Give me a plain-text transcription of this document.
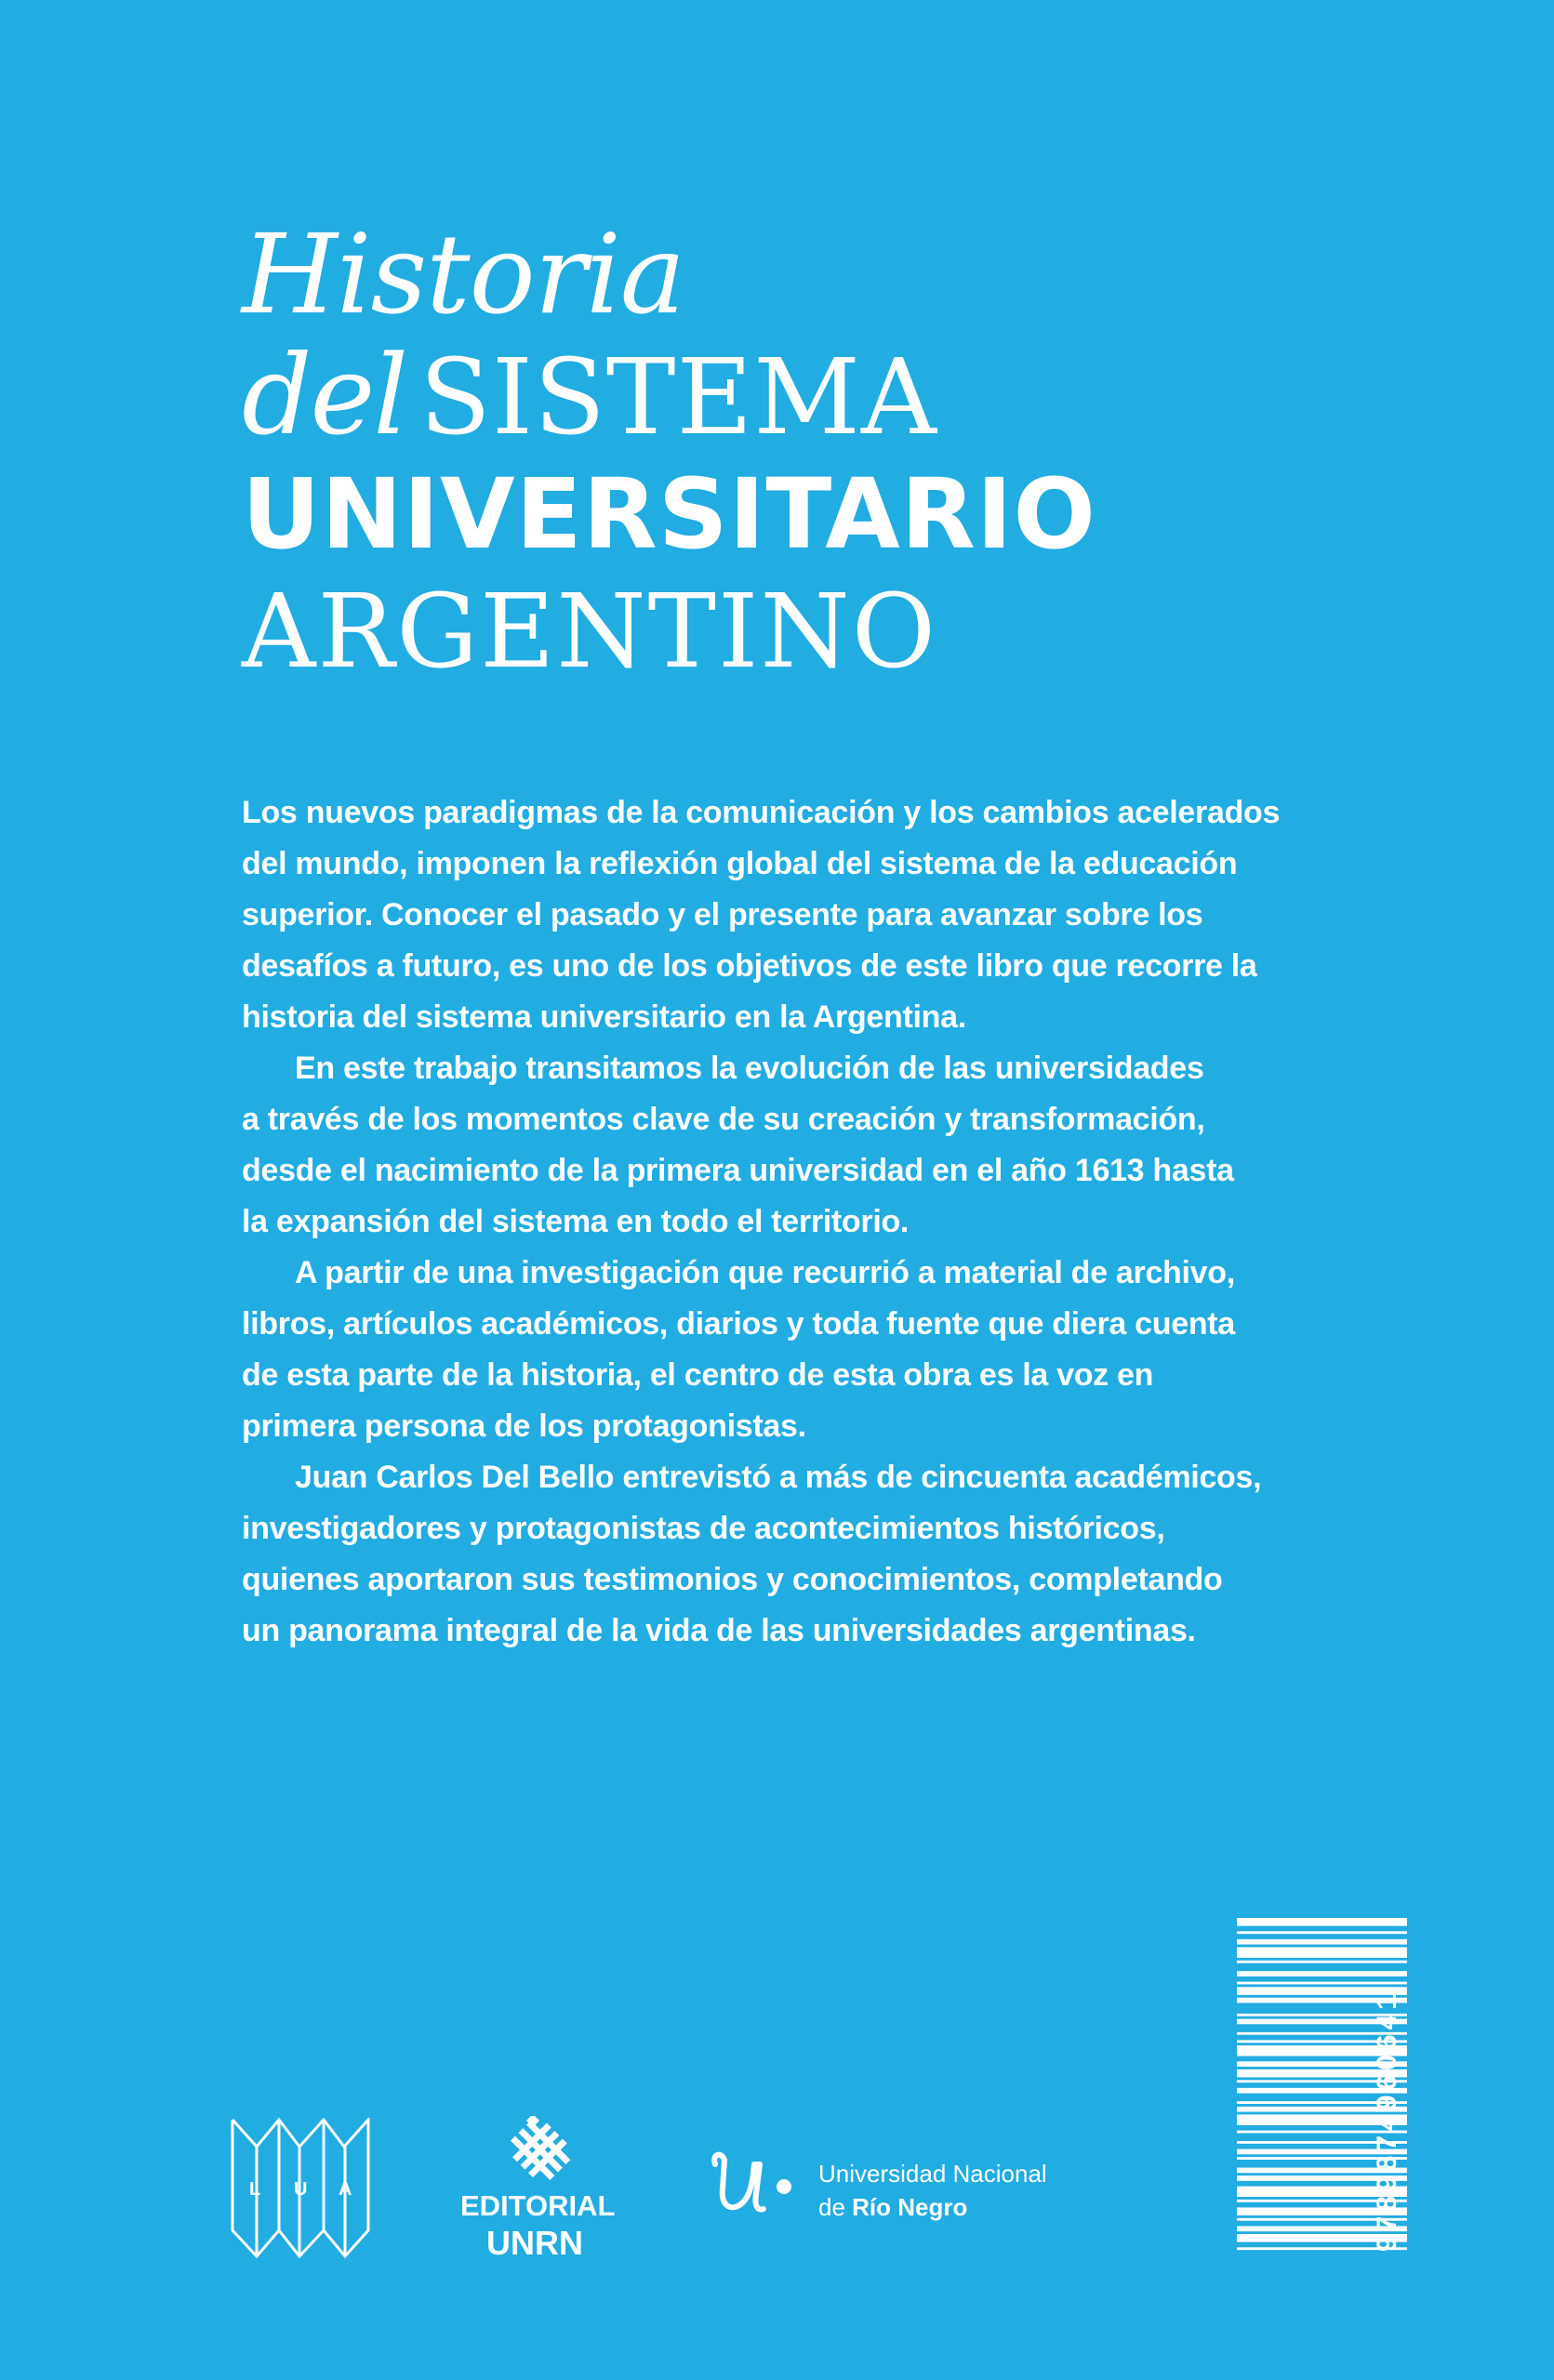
Historia
del SISTEMA
UNIVERSITARIO
ARGENTINO

Los nuevos paradigmas de la comunicación y los cambios acelerados

del mundo, imponen la reflexión global del sistema de la educación

superior. Conocer el pasado y el presente para avanzar sobre los

desafíos a futuro, es uno de los objetivos de este libro que recorre la

historia del sistema universitario en la Argentina.

En este trabajo transitamos la evolución de las universidades

a través de los momentos clave de su creación y transformación,

desde el nacimiento de la primera universidad en el año 1613 hasta

la expansión del sistema en todo el territorio.

A partir de una investigación que recurrió a material de archivo,

libros, artículos académicos, diarios y toda fuente que diera cuenta

de esta parte de la historia, el centro de esta obra es la voz en

primera persona de los protagonistas.

Juan Carlos Del Bello entrevistó a más de cincuenta académicos,

investigadores y protagonistas de acontecimientos históricos,

quienes aportaron sus testimonios y conocimientos, completando

un panorama integral de la vida de las universidades argentinas.

L U A	EDITORIAL
UNRN
Universidad Nacional
de Río Negro	9789874960641
